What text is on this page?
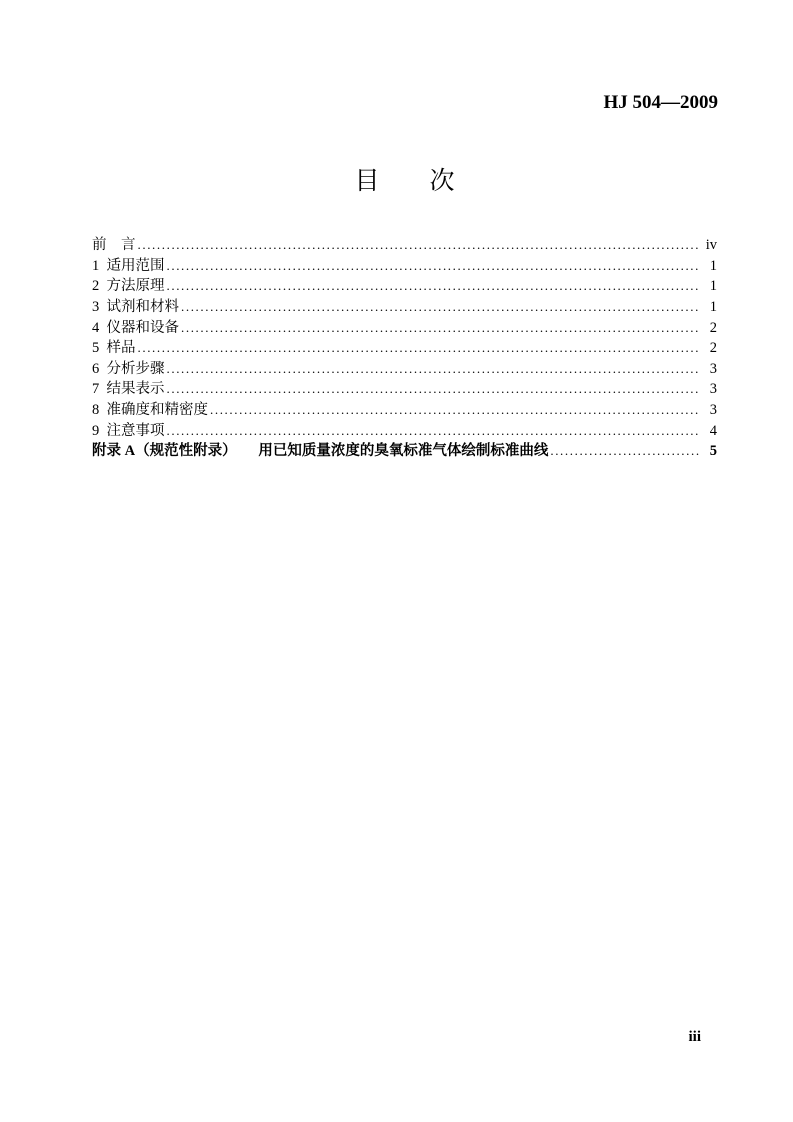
HJ 504—2009
目　　次
前　言 .....	iv
1 适用范围 .....	1
2 方法原理 .....	1
3 试剂和材料 .....	1
4 仪器和设备 .....	2
5 样品 .....	2
6 分析步骤 .....	3
7 结果表示 .....	3
8 准确度和精密度 .....	3
9 注意事项 .....	4
附录 A（规范性附录）　　用已知质量浓度的臭氧标准气体绘制标准曲线 .....	5
iii
